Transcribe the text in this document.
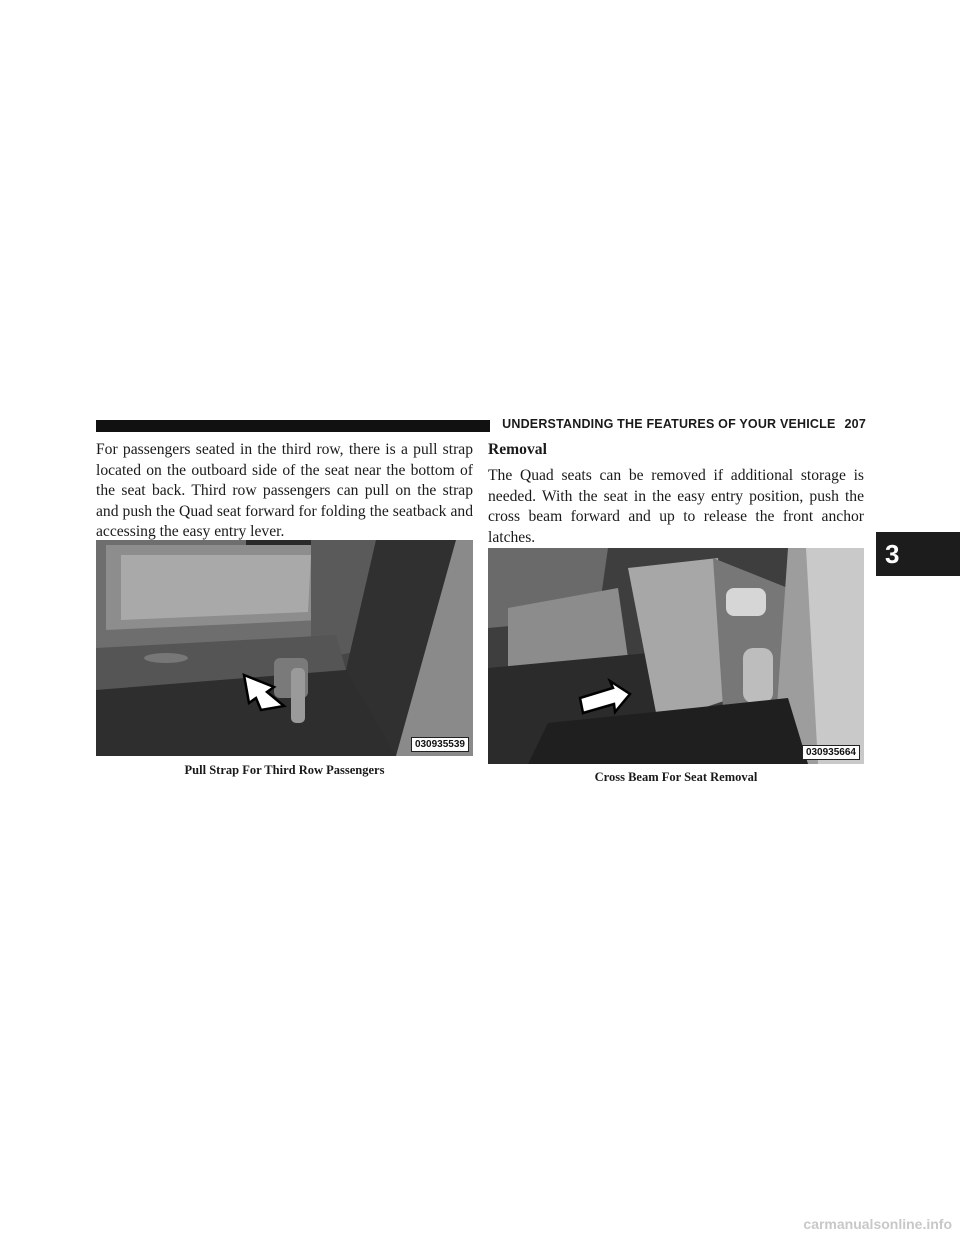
UNDERSTANDING THE FEATURES OF YOUR VEHICLE 207
3

For passengers seated in the third row, there is a pull strap located on the outboard side of the seat near the bottom of the seat back. Third row passengers can pull on the strap and push the Quad seat forward for folding the seatback and accessing the easy entry lever.

Removal

The Quad seats can be removed if additional storage is needed. With the seat in the easy entry position, push the cross beam forward and up to release the front anchor latches.

030935539
Pull Strap For Third Row Passengers
030935664
Cross Beam For Seat Removal
carmanualsonline.info
